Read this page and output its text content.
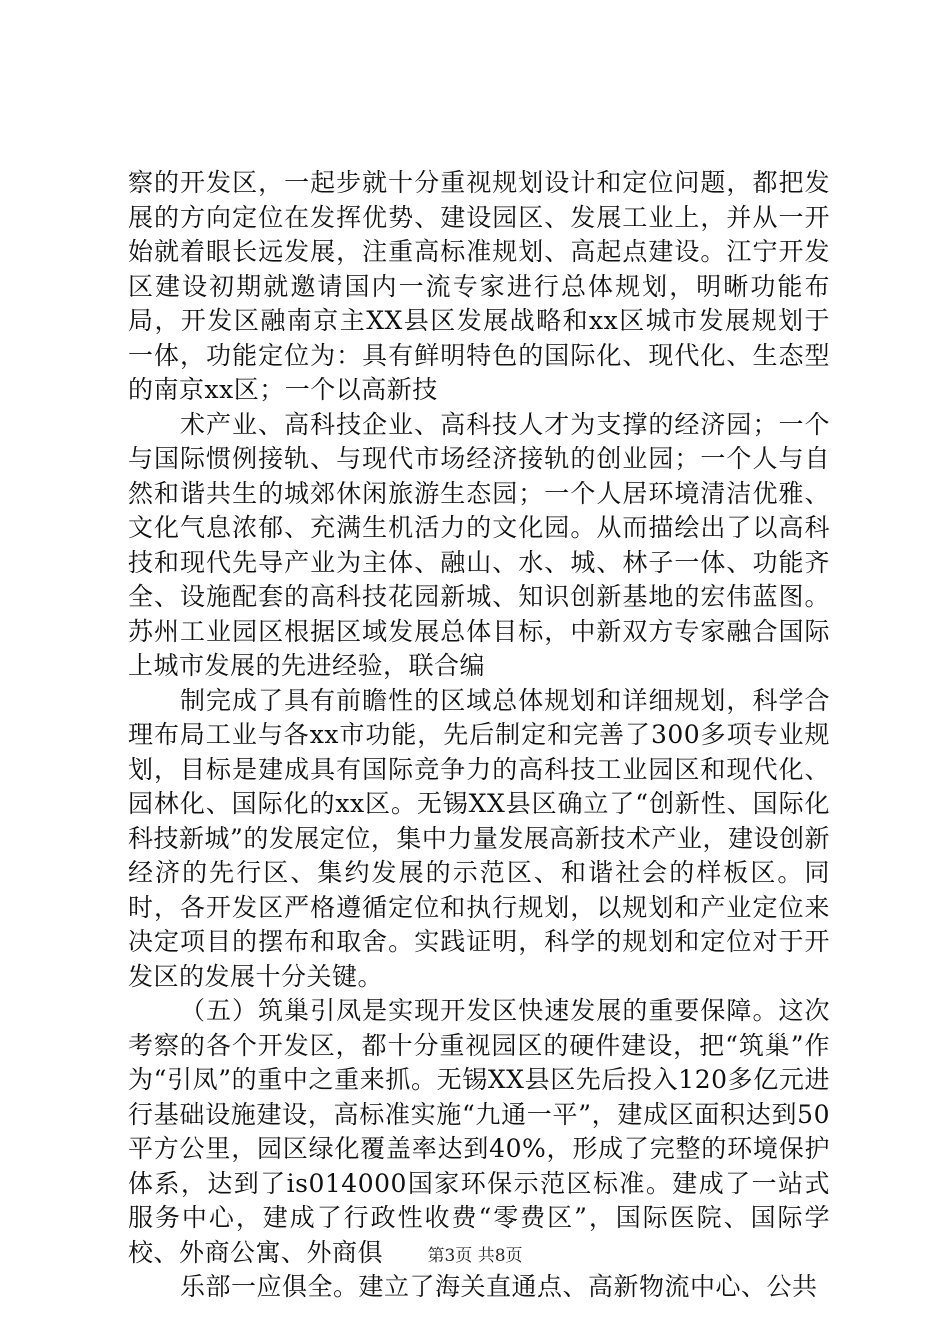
察的开发区，一起步就十分重视规划设计和定位问题，都把发展的方向定位在发挥优势、建设园区、发展工业上，并从一开始就着眼长远发展，注重高标准规划、高起点建设。江宁开发区建设初期就邀请国内一流专家进行总体规划，明晰功能布局，开发区融南京主XX县区发展战略和xx区城市发展规划于一体，功能定位为：具有鲜明特色的国际化、现代化、生态型的南京xx区；一个以高新技

术产业、高科技企业、高科技人才为支撑的经济园；一个与国际惯例接轨、与现代市场经济接轨的创业园；一个人与自然和谐共生的城郊休闲旅游生态园；一个人居环境清洁优雅、文化气息浓郁、充满生机活力的文化园。从而描绘出了以高科技和现代先导产业为主体、融山、水、城、林子一体、功能齐全、设施配套的高科技花园新城、知识创新基地的宏伟蓝图。苏州工业园区根据区域发展总体目标，中新双方专家融合国际上城市发展的先进经验，联合编

制完成了具有前瞻性的区域总体规划和详细规划，科学合理布局工业与各xx市功能，先后制定和完善了300多项专业规划，目标是建成具有国际竞争力的高科技工业园区和现代化、园林化、国际化的xx区。无锡XX县区确立了“创新性、国际化科技新城”的发展定位，集中力量发展高新技术产业，建设创新经济的先行区、集约发展的示范区、和谐社会的样板区。同时，各开发区严格遵循定位和执行规划，以规划和产业定位来决定项目的摆布和取舍。实践证明，科学的规划和定位对于开发区的发展十分关键。

（五）筑巢引凤是实现开发区快速发展的重要保障。这次考察的各个开发区，都十分重视园区的硬件建设，把“筑巢”作为“引凤”的重中之重来抓。无锡XX县区先后投入120多亿元进行基础设施建设，高标准实施“九通一平”，建成区面积达到50平方公里，园区绿化覆盖率达到40%，形成了完整的环境保护体系，达到了is014000国家环保示范区标准。建成了一站式服务中心，建成了行政性收费“零费区”，国际医院、国际学校、外商公寓、外商俱

乐部一应俱全。建立了海关直通点、高新物流中心、公共

第3页 共8页
